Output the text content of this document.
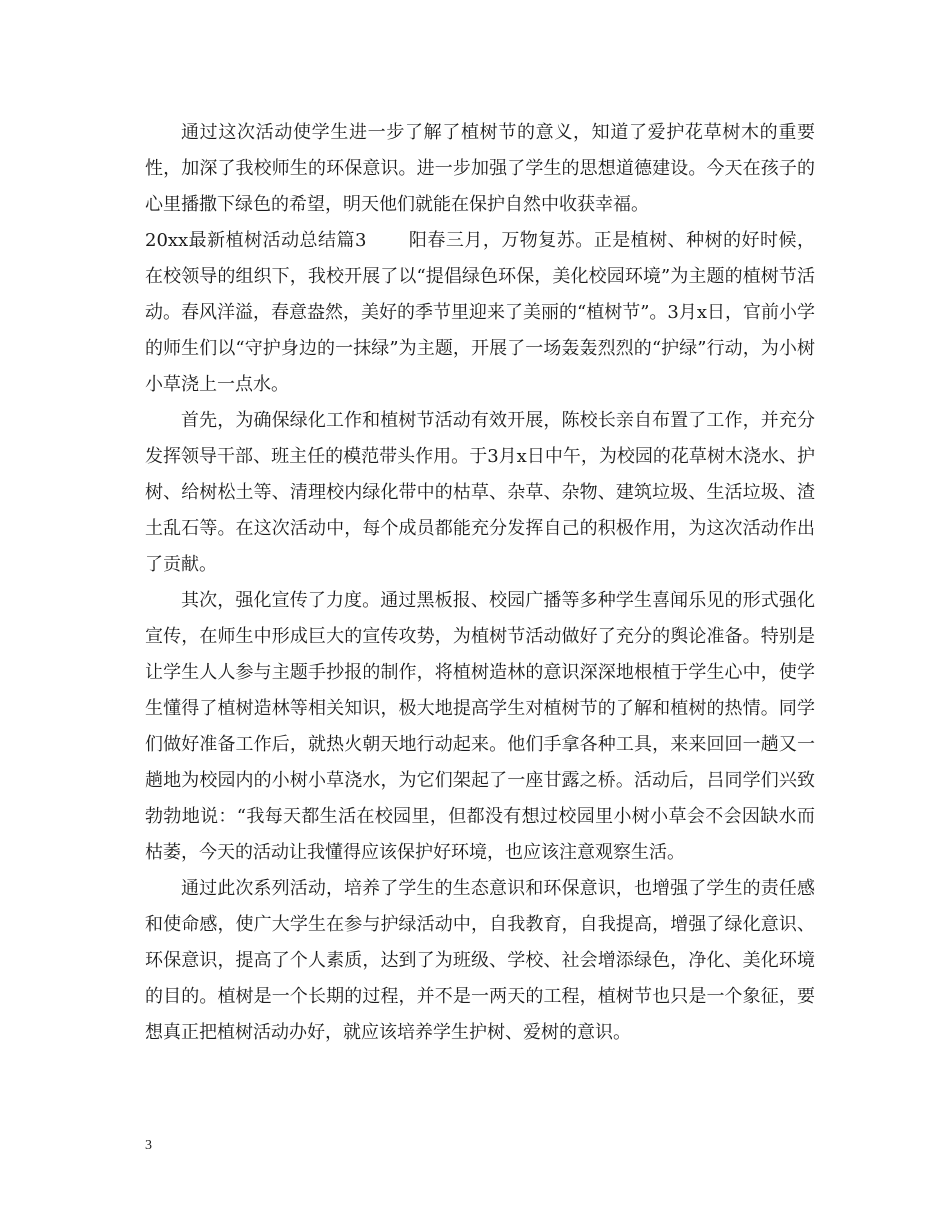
通过这次活动使学生进一步了解了植树节的意义，知道了爱护花草树木的重要性，加深了我校师生的环保意识。进一步加强了学生的思想道德建设。今天在孩子的心里播撒下绿色的希望，明天他们就能在保护自然中收获幸福。

20xx最新植树活动总结篇3 阳春三月，万物复苏。正是植树、种树的好时候，在校领导的组织下，我校开展了以“提倡绿色环保，美化校园环境”为主题的植树节活动。春风洋溢，春意盎然，美好的季节里迎来了美丽的“植树节”。3月x日，官前小学的师生们以“守护身边的一抹绿”为主题，开展了一场轰轰烈烈的“护绿”行动，为小树小草浇上一点水。

首先，为确保绿化工作和植树节活动有效开展，陈校长亲自布置了工作，并充分发挥领导干部、班主任的模范带头作用。于3月x日中午，为校园的花草树木浇水、护树、给树松土等、清理校内绿化带中的枯草、杂草、杂物、建筑垃圾、生活垃圾、渣土乱石等。在这次活动中，每个成员都能充分发挥自己的积极作用，为这次活动作出了贡献。

其次，强化宣传了力度。通过黑板报、校园广播等多种学生喜闻乐见的形式强化宣传，在师生中形成巨大的宣传攻势，为植树节活动做好了充分的舆论准备。特别是让学生人人参与主题手抄报的制作，将植树造林的意识深深地根植于学生心中，使学生懂得了植树造林等相关知识，极大地提高学生对植树节的了解和植树的热情。同学们做好准备工作后，就热火朝天地行动起来。他们手拿各种工具，来来回回一趟又一趟地为校园内的小树小草浇水，为它们架起了一座甘露之桥。活动后，吕同学们兴致勃勃地说：“我每天都生活在校园里，但都没有想过校园里小树小草会不会因缺水而枯萎，今天的活动让我懂得应该保护好环境，也应该注意观察生活。

通过此次系列活动，培养了学生的生态意识和环保意识，也增强了学生的责任感和使命感，使广大学生在参与护绿活动中，自我教育，自我提高，增强了绿化意识、环保意识，提高了个人素质，达到了为班级、学校、社会增添绿色，净化、美化环境的目的。植树是一个长期的过程，并不是一两天的工程，植树节也只是一个象征，要想真正把植树活动办好，就应该培养学生护树、爱树的意识。

3
